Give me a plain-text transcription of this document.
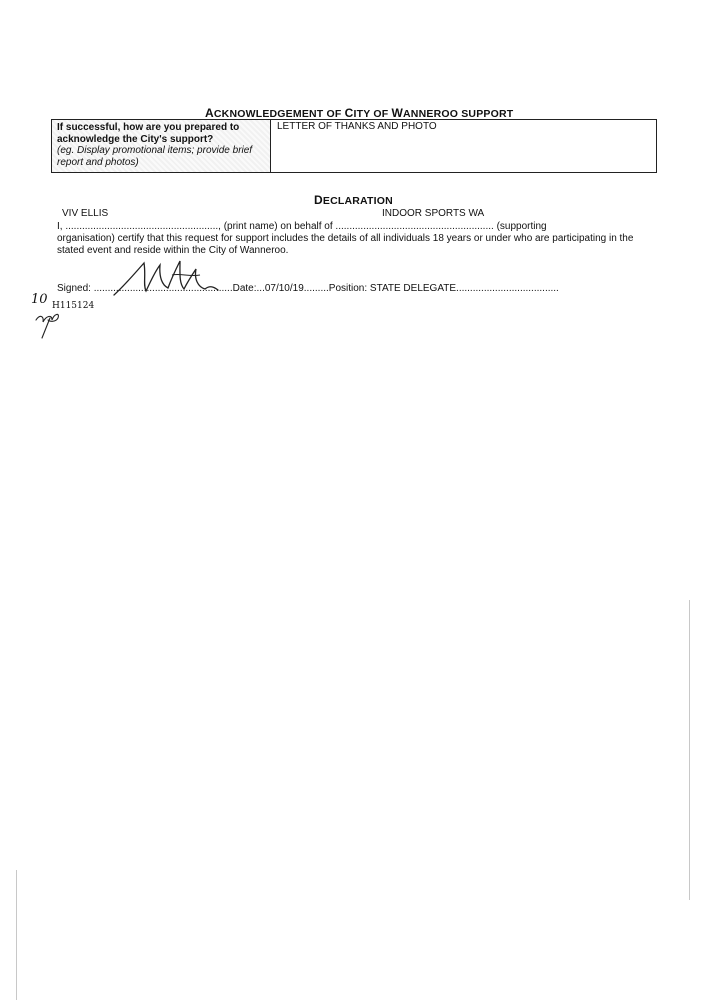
ACKNOWLEDGEMENT OF CITY OF WANNEROO SUPPORT
If successful, how are you prepared to
acknowledge the City's support?
(eg. Display promotional items; provide brief
report and photos)
LETTER OF THANKS AND PHOTO
DECLARATION
VIV ELLIS	INDOOR SPORTS WA
I, ......................................................., (print name) on behalf of ......................................................... (supporting
organisation) certify that this request for support includes the details of all individuals 18 years or under who are participating in the
stated event and reside within the City of Wanneroo.
Signed: ..................................................Date:...07/10/19.........Position: STATE DELEGATE.....................................
10 H115124
